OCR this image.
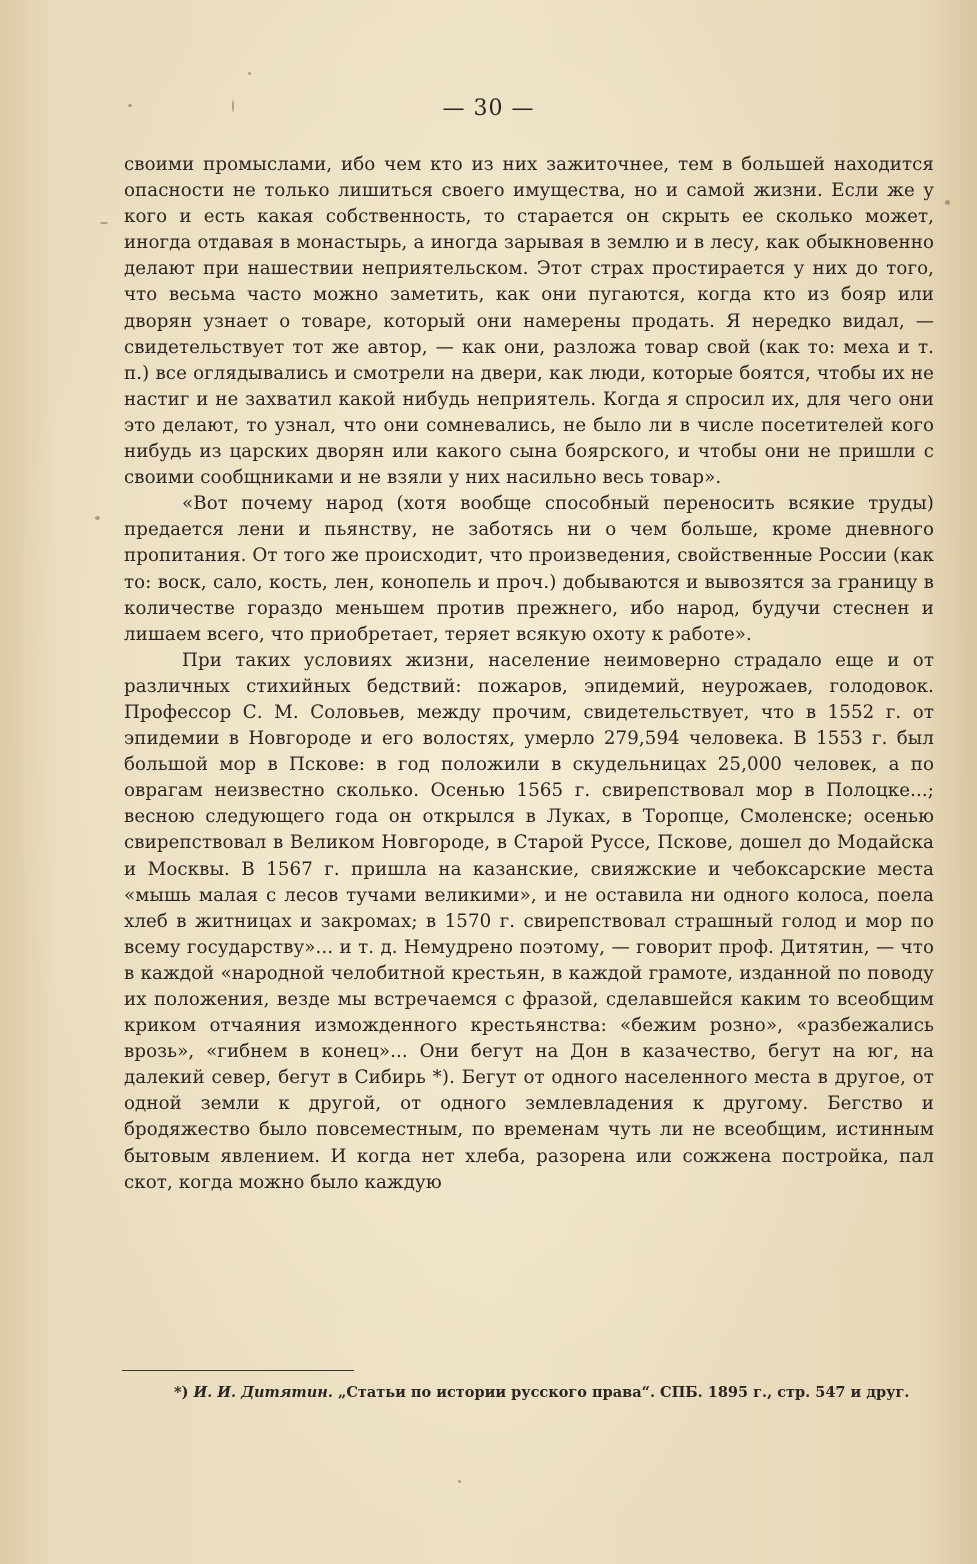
— 30 —

своими промыслами, ибо чем кто из них зажиточнее, тем в большей находится опасности не только лишиться своего имущества, но и самой жизни. Если же у кого и есть какая собственность, то старается он скрыть ее сколько может, иногда отдавая в монастырь, а иногда зарывая в землю и в лесу, как обыкновенно делают при нашествии неприятельском. Этот страх простирается у них до того, что весьма часто можно заметить, как они пугаются, когда кто из бояр или дворян узнает о товаре, который они намерены продать. Я нередко видал, — свидетельствует тот же автор, — как они, разложа товар свой (как то: меха и т. п.) все оглядывались и смотрели на двери, как люди, которые боятся, чтобы их не настиг и не захватил какой нибудь неприятель. Когда я спросил их, для чего они это делают, то узнал, что они сомневались, не было ли в числе посетителей кого нибудь из царских дворян или какого сына боярского, и чтобы они не пришли с своими сообщниками и не взяли у них насильно весь товар».

«Вот почему народ (хотя вообще способный переносить всякие труды) предается лени и пьянству, не заботясь ни о чем больше, кроме дневного пропитания. От того же происходит, что произведения, свойственные России (как то: воск, сало, кость, лен, конопель и проч.) добываются и вывозятся за границу в количестве гораздо меньшем против прежнего, ибо народ, будучи стеснен и лишаем всего, что приобретает, теряет всякую охоту к работе».

При таких условиях жизни, население неимоверно страдало еще и от различных стихийных бедствий: пожаров, эпидемий, неурожаев, голодовок. Профессор С. М. Соловьев, между прочим, свидетельствует, что в 1552 г. от эпидемии в Новгороде и его волостях, умерло 279,594 человека. В 1553 г. был большой мор в Пскове: в год положили в скудельницах 25,000 человек, а по оврагам неизвестно сколько. Осенью 1565 г. свирепствовал мор в Полоцке...; весною следующего года он открылся в Луках, в Торопце, Смоленске; осенью свирепствовал в Великом Новгороде, в Старой Руссе, Пскове, дошел до Модайска и Москвы. В 1567 г. пришла на казанские, свияжские и чебоксарские места «мышь малая с лесов тучами великими», и не оставила ни одного колоса, поела хлеб в житницах и закромах; в 1570 г. свирепствовал страшный голод и мор по всему государству»... и т. д. Немудрено поэтому, — говорит проф. Дитятин, — что в каждой «народной челобитной крестьян, в каждой грамоте, изданной по поводу их положения, везде мы встречаемся с фразой, сделавшейся каким то всеобщим криком отчаяния изможденного крестьянства: «бежим розно», «разбежались врозь», «гибнем в конец»... Они бегут на Дон в казачество, бегут на юг, на далекий север, бегут в Сибирь *). Бегут от одного населенного места в другое, от одной земли к другой, от одного землевладения к другому. Бегство и бродяжество было повсеместным, по временам чуть ли не всеобщим, истинным бытовым явлением. И когда нет хлеба, разорена или сожжена постройка, пал скот, когда можно было каждую

*) И. И. Дитятин. „Статьи по истории русского права“. СПБ. 1895 г., стр. 547 и друг.
